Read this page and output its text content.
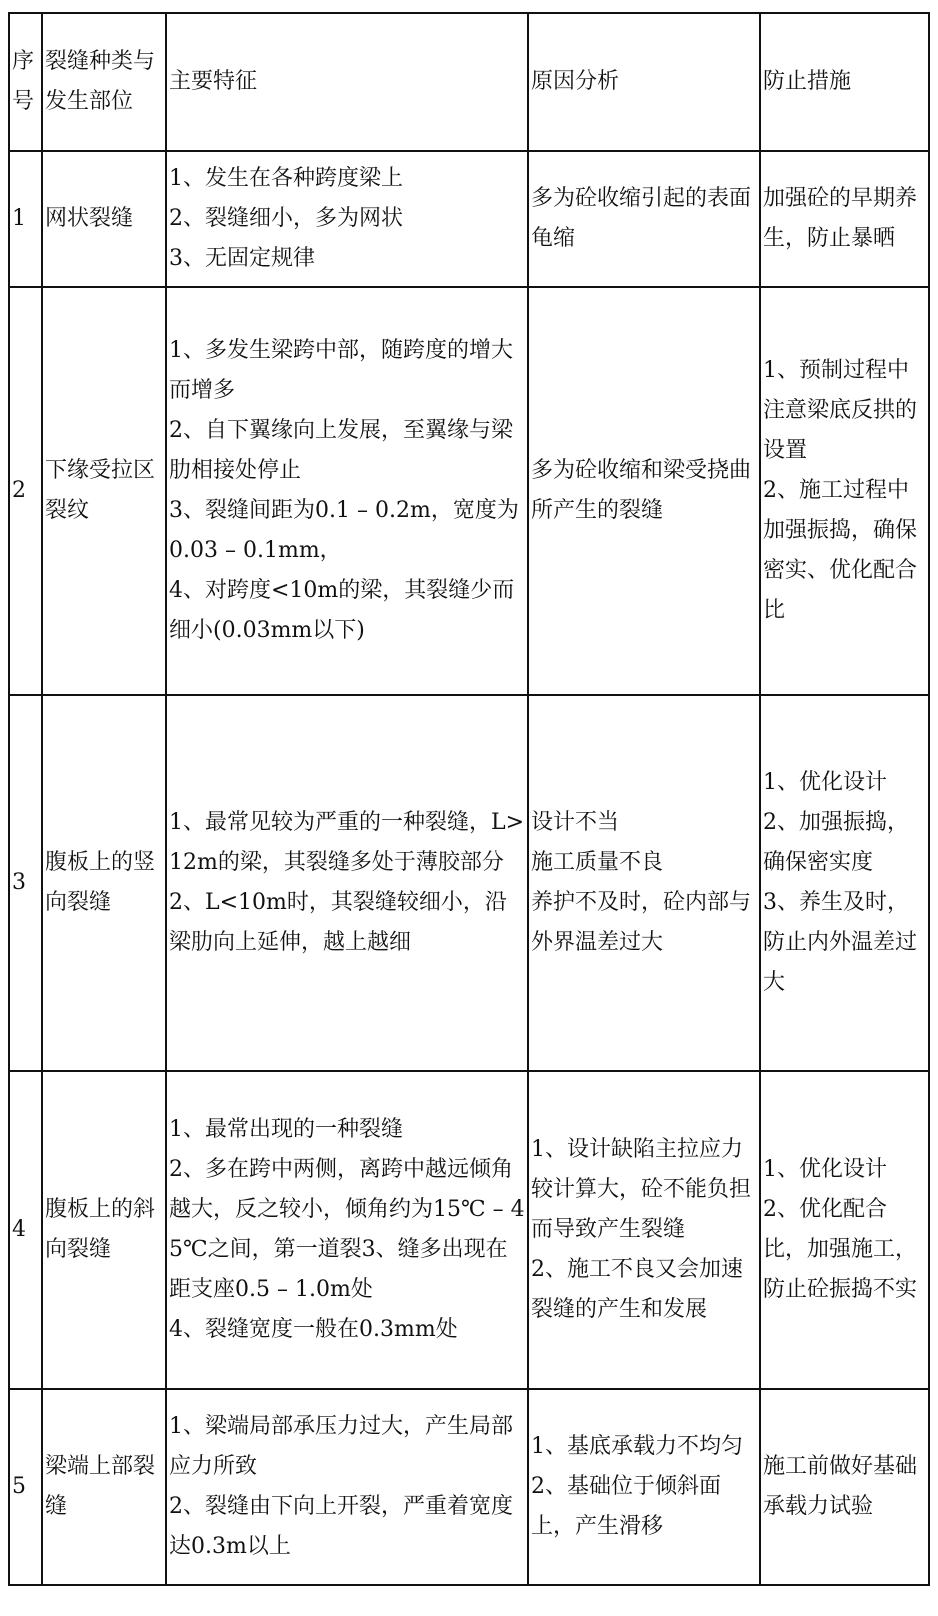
序号	裂缝种类与发生部位	主要特征	原因分析	防止措施

1	网状裂缝	1、发生在各种跨度梁上
2、裂缝细小，多为网状
3、无固定规律	多为砼收缩引起的表面龟缩	加强砼的早期养生，防止暴晒

2	下缘受拉区裂纹	1、多发生梁跨中部，随跨度的增大而增多
2、自下翼缘向上发展，至翼缘与梁肋相接处停止
3、裂缝间距为0.1 – 0.2m，宽度为0.03 – 0.1mm，
4、对跨度<10m的梁，其裂缝少而细小(0.03mm以下)	多为砼收缩和梁受挠曲所产生的裂缝	1、预制过程中注意梁底反拱的设置
2、施工过程中加强振捣，确保密实、优化配合比

3	腹板上的竖向裂缝	1、最常见较为严重的一种裂缝，L>12m的梁，其裂缝多处于薄胶部分
2、L<10m时，其裂缝较细小，沿梁肋向上延伸，越上越细	设计不当
施工质量不良
养护不及时，砼内部与外界温差过大	1、优化设计
2、加强振捣，确保密实度
3、养生及时，防止内外温差过大

4	腹板上的斜向裂缝	1、最常出现的一种裂缝
2、多在跨中两侧，离跨中越远倾角越大，反之较小，倾角约为15℃ – 45℃之间，第一道裂3、缝多出现在距支座0.5 – 1.0m处
4、裂缝宽度一般在0.3mm处	1、设计缺陷主拉应力较计算大，砼不能负担而导致产生裂缝
2、施工不良又会加速裂缝的产生和发展	1、优化设计
2、优化配合比，加强施工，防止砼振捣不实

5	梁端上部裂缝	1、梁端局部承压力过大，产生局部应力所致
2、裂缝由下向上开裂，严重着宽度达0.3m以上	1、基底承载力不均匀
2、基础位于倾斜面上，产生滑移	施工前做好基础承载力试验
